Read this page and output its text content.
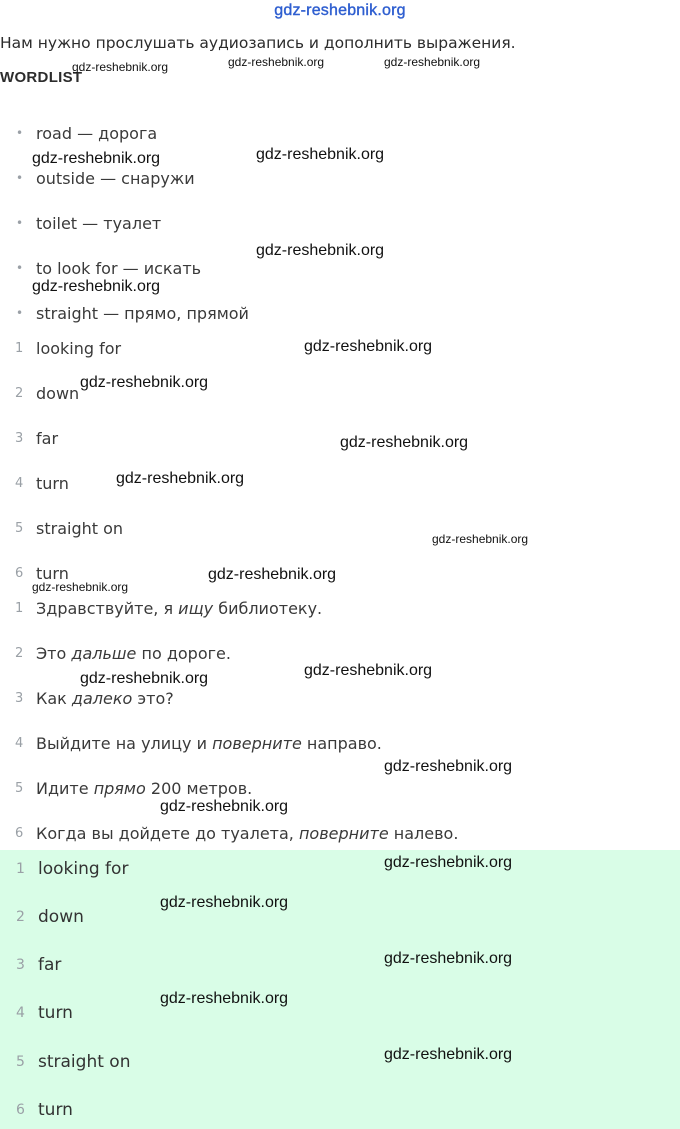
gdz-reshebnik.org
Нам нужно прослушать аудиозапись и дополнить выражения.
WORDLIST
• road — дорога
• outside — снаружи
• toilet — туалет
• to look for — искать
• straight — прямо, прямой
1 looking for
2 down
3 far
4 turn
5 straight on
6 turn
1 Здравствуйте, я ищу библиотеку.
2 Это дальше по дороге.
3 Как далеко это?
4 Выйдите на улицу и поверните направо.
5 Идите прямо 200 метров.
6 Когда вы дойдете до туалета, поверните налево.
1 looking for
2 down
3 far
4 turn
5 straight on
6 turn
gdz-reshebnik.org	gdz-reshebnik.org	gdz-reshebnik.org
gdz-reshebnik.org	gdz-reshebnik.org
gdz-reshebnik.org
gdz-reshebnik.org
gdz-reshebnik.org
gdz-reshebnik.org
gdz-reshebnik.org
gdz-reshebnik.org
gdz-reshebnik.org
gdz-reshebnik.org
gdz-reshebnik.org
gdz-reshebnik.org
gdz-reshebnik.org
gdz-reshebnik.org
gdz-reshebnik.org
gdz-reshebnik.org
gdz-reshebnik.org
gdz-reshebnik.org
gdz-reshebnik.org
gdz-reshebnik.org
